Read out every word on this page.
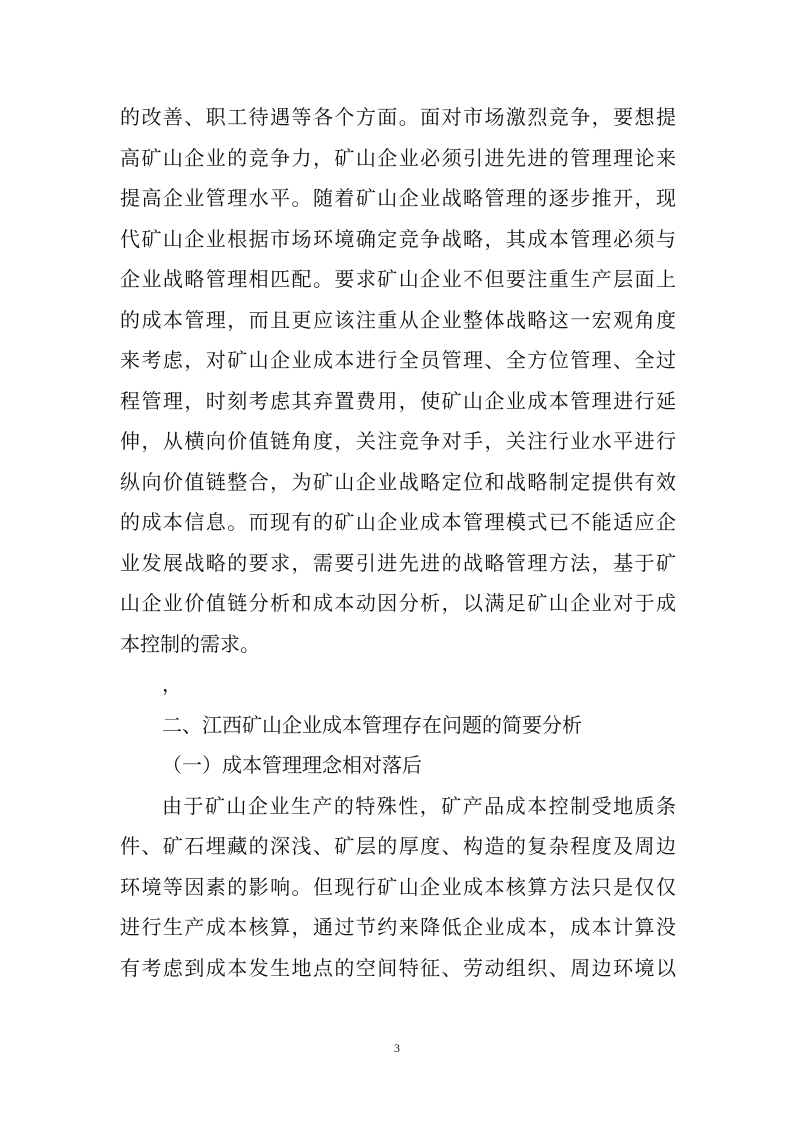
的改善、职工待遇等各个方面。面对市场激烈竞争，要想提
高矿山企业的竞争力，矿山企业必须引进先进的管理理论来
提高企业管理水平。随着矿山企业战略管理的逐步推开，现
代矿山企业根据市场环境确定竞争战略，其成本管理必须与
企业战略管理相匹配。要求矿山企业不但要注重生产层面上
的成本管理，而且更应该注重从企业整体战略这一宏观角度
来考虑，对矿山企业成本进行全员管理、全方位管理、全过
程管理，时刻考虑其弃置费用，使矿山企业成本管理进行延
伸，从横向价值链角度，关注竞争对手，关注行业水平进行
纵向价值链整合，为矿山企业战略定位和战略制定提供有效
的成本信息。而现有的矿山企业成本管理模式已不能适应企
业发展战略的要求，需要引进先进的战略管理方法，基于矿
山企业价值链分析和成本动因分析，以满足矿山企业对于成
本控制的需求。
，
二、江西矿山企业成本管理存在问题的简要分析
（一）成本管理理念相对落后
由于矿山企业生产的特殊性，矿产品成本控制受地质条
件、矿石埋藏的深浅、矿层的厚度、构造的复杂程度及周边
环境等因素的影响。但现行矿山企业成本核算方法只是仅仅
进行生产成本核算，通过节约来降低企业成本，成本计算没
有考虑到成本发生地点的空间特征、劳动组织、周边环境以
3
